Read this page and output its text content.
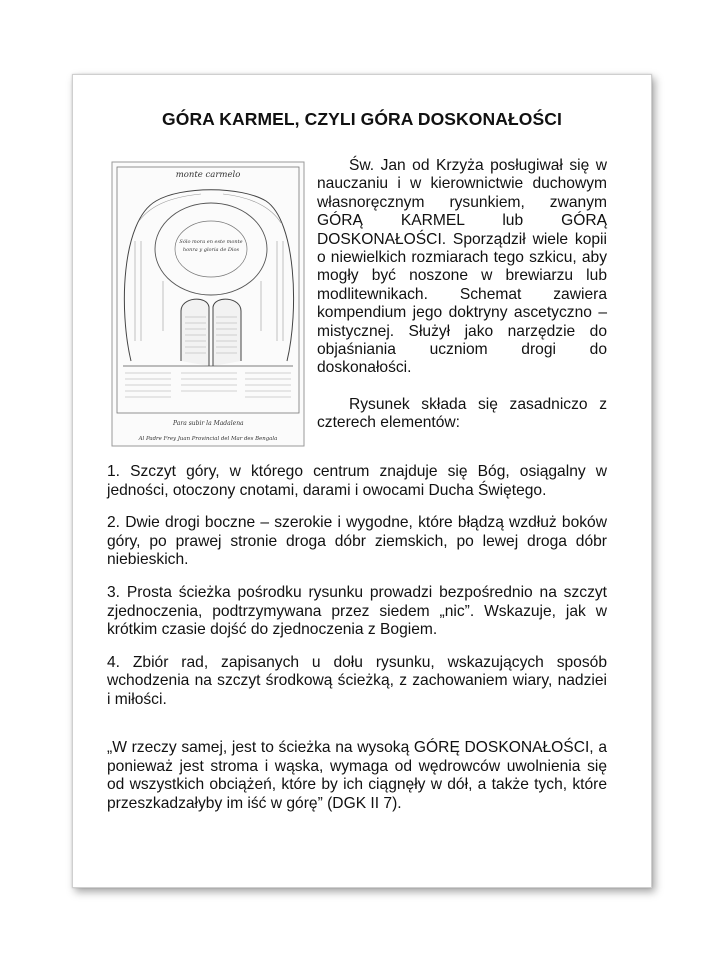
GÓRA KARMEL, CZYLI GÓRA DOSKONAŁOŚCI
monte carmelo
Sólo mora en este monte
honra y gloria de Dios
Para subir la Madalena
Al Padre Frey Juan Provincial del Mar des Bengala

Św. Jan od Krzyża posługiwał się w nauczaniu i w kierownictwie duchowym własnoręcznym rysunkiem, zwanym GÓRĄ KARMEL lub GÓRĄ DOSKONAŁOŚCI. Sporządził wiele kopii o niewielkich rozmiarach tego szkicu, aby mogły być noszone w brewiarzu lub modlitewnikach. Schemat zawiera kompendium jego doktryny ascetyczno – mistycznej. Służył jako narzędzie do objaśniania uczniom drogi do doskonałości.

Rysunek składa się zasadniczo z czterech elementów:

1. Szczyt góry, w którego centrum znajduje się Bóg, osiągalny w jedności, otoczony cnotami, darami i owocami Ducha Świętego.

2. Dwie drogi boczne – szerokie i wygodne, które błądzą wzdłuż boków góry, po prawej stronie droga dóbr ziemskich, po lewej droga dóbr niebieskich.

3. Prosta ścieżka pośrodku rysunku prowadzi bezpośrednio na szczyt zjednoczenia, podtrzymywana przez siedem „nic”. Wskazuje, jak w krótkim czasie dojść do zjednoczenia z Bogiem.

4. Zbiór rad, zapisanych u dołu rysunku, wskazujących sposób wchodzenia na szczyt środkową ścieżką, z zachowaniem wiary, nadziei i miłości.

„W rzeczy samej, jest to ścieżka na wysoką GÓRĘ DOSKONAŁOŚCI, a ponieważ jest stroma i wąska, wymaga od wędrowców uwolnienia się od wszystkich obciążeń, które by ich ciągnęły w dół, a także tych, które przeszkadzałyby im iść w górę” (DGK II 7).
